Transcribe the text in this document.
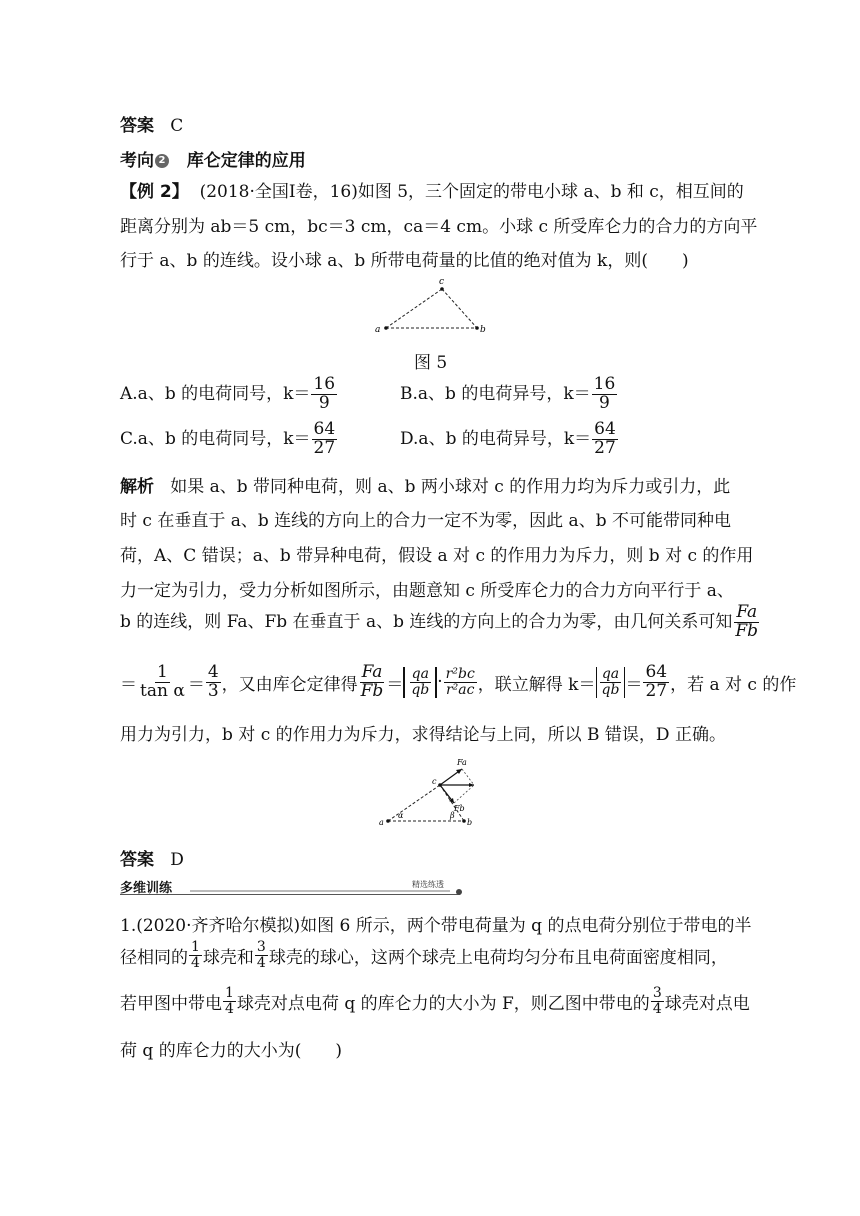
答案 C
考向 2 库仑定律的应用
【例 2】 (2018·全国Ⅰ卷，16)如图 5，三个固定的带电小球 a、b 和 c，相互间的
距离分别为 ab＝5 cm，bc＝3 cm，ca＝4 cm。小球 c 所受库仑力的合力的方向平
行于 a、b 的连线。设小球 a、b 所带电荷量的比值的绝对值为 k，则(　　)
a
c
b
图 5
A.a、b 的电荷同号，$k= \frac{16}{9}$	B.a、b 的电荷异号，$k= \frac{16}{9}$
C.a、b 的电荷同号，$k= \frac{64}{27}$	D.a、b 的电荷异号，$k= \frac{64}{27}$
解析 如果 a、b 带同种电荷，则 a、b 两小球对 c 的作用力均为斥力或引力，此
时 c 在垂直于 a、b 连线的方向上的合力一定不为零，因此 a、b 不可能带同种电
荷，A、C 错误；a、b 带异种电荷，假设 a 对 c 的作用力为斥力，则 b 对 c 的作用
力一定为引力，受力分析如图所示，由题意知 c 所受库仑力的合力方向平行于 a、
b 的连线，则 Fa、Fb 在垂直于 a、b 连线的方向上的合力为零，由几何关系可知 $\frac{Fa}{Fb}$
＝ $\frac{1}{\text{tan α}} = \frac{4}{3}$ ，又由库仑定律得 $\frac{Fa}{Fb} = \frac{qa}{qb} \cdot \frac{\text{r²bc}}{\text{r²ac}}$ ，联立解得 $k= \frac{qa}{qb} = \frac{64}{27}$ ，若 a 对 c 的作
用力为引力，b 对 c 的作用力为斥力，求得结论与上同，所以 B 错误，D 正确。
Fa
Fb
c
a	b
α	β
答案 D
多维训练	精选练透
1.(2020·齐齐哈尔模拟)如图 6 所示，两个带电荷量为 q 的点电荷分别位于带电的半
径相同的 $\frac{1}{4}$ 球壳和 $\frac{3}{4}$ 球壳的球心，这两个球壳上电荷均匀分布且电荷面密度相同，
若甲图中带电 $\frac{1}{4}$ 球壳对点电荷 q 的库仑力的大小为 F，则乙图中带电的 $\frac{3}{4}$ 球壳对点电
荷 q 的库仑力的大小为(　　)
